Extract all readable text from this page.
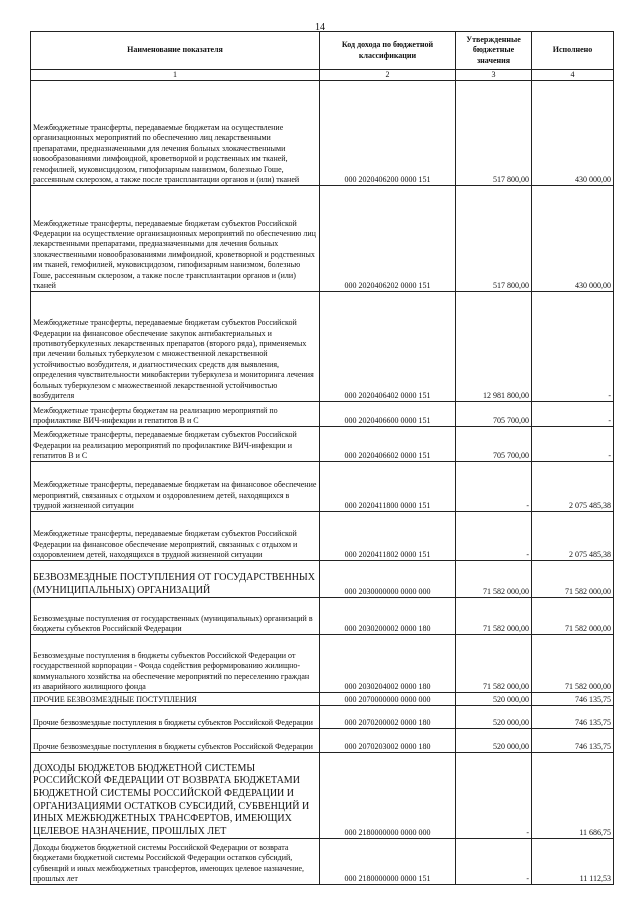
14
Наименование показателя	Код дохода по бюджетной классификации	Утвержденные бюджетные значения	Исполнено
1	2	3	4
Межбюджетные трансферты, передаваемые бюджетам на осуществление организационных мероприятий по обеспечению лиц лекарственными препаратами, предназначенными для лечения больных злокачественными новообразованиями лимфоидной, кроветворной и родственных им тканей, гемофилией, муковисцидозом, гипофизарным нанизмом, болезнью Гоше, рассеянным склерозом, а также после трансплантации органов и (или) тканей	000 2020406200 0000 151	517 800,00	430 000,00
Межбюджетные трансферты, передаваемые бюджетам субъектов Российской Федерации на осуществление организационных мероприятий по обеспечению лиц лекарственными препаратами, предназначенными для лечения больных злокачественными новообразованиями лимфоидной, кроветворной и родственных им тканей, гемофилией, муковисцидозом, гипофизарным нанизмом, болезнью Гоше, рассеянным склерозом, а также после трансплантации органов и (или) тканей	000 2020406202 0000 151	517 800,00	430 000,00
Межбюджетные трансферты, передаваемые бюджетам субъектов Российской Федерации на финансовое обеспечение закупок антибактериальных и противотуберкулезных лекарственных препаратов (второго ряда), применяемых при лечении больных туберкулезом с множественной лекарственной устойчивостью возбудителя, и диагностических средств для выявления, определения чувствительности микобактерии туберкулеза и мониторинга лечения больных туберкулезом с множественной лекарственной устойчивостью возбудителя	000 2020406402 0000 151	12 981 800,00	-
Межбюджетные трансферты бюджетам на реализацию мероприятий по профилактике ВИЧ-инфекции и гепатитов B и C	000 2020406600 0000 151	705 700,00	-
Межбюджетные трансферты, передаваемые бюджетам субъектов Российской Федерации на реализацию мероприятий по профилактике ВИЧ-инфекции и гепатитов B и C	000 2020406602 0000 151	705 700,00	-
Межбюджетные трансферты, передаваемые бюджетам на финансовое обеспечение мероприятий, связанных с отдыхом и оздоровлением детей, находящихся в трудной жизненной ситуации	000 2020411800 0000 151	-	2 075 485,38
Межбюджетные трансферты, передаваемые бюджетам субъектов Российской Федерации на финансовое обеспечение мероприятий, связанных с отдыхом и оздоровлением детей, находящихся в трудной жизненной ситуации	000 2020411802 0000 151	-	2 075 485,38
БЕЗВОЗМЕЗДНЫЕ ПОСТУПЛЕНИЯ ОТ ГОСУДАРСТВЕННЫХ (МУНИЦИПАЛЬНЫХ) ОРГАНИЗАЦИЙ	000 2030000000 0000 000	71 582 000,00	71 582 000,00
Безвозмездные поступления от государственных (муниципальных) организаций в бюджеты субъектов Российской Федерации	000 2030200002 0000 180	71 582 000,00	71 582 000,00
Безвозмездные поступления в бюджеты субъектов Российской Федерации от государственной корпорации - Фонда содействия реформированию жилищно-коммунального хозяйства на обеспечение мероприятий по переселению граждан из аварийного жилищного фонда	000 2030204002 0000 180	71 582 000,00	71 582 000,00
ПРОЧИЕ БЕЗВОЗМЕЗДНЫЕ ПОСТУПЛЕНИЯ	000 2070000000 0000 000	520 000,00	746 135,75
Прочие безвозмездные поступления в бюджеты субъектов Российской Федерации	000 2070200002 0000 180	520 000,00	746 135,75
Прочие безвозмездные поступления в бюджеты субъектов Российской Федерации	000 2070203002 0000 180	520 000,00	746 135,75
ДОХОДЫ БЮДЖЕТОВ БЮДЖЕТНОЙ СИСТЕМЫ РОССИЙСКОЙ ФЕДЕРАЦИИ ОТ ВОЗВРАТА БЮДЖЕТАМИ БЮДЖЕТНОЙ СИСТЕМЫ РОССИЙСКОЙ ФЕДЕРАЦИИ И ОРГАНИЗАЦИЯМИ ОСТАТКОВ СУБСИДИЙ, СУБВЕНЦИЙ И ИНЫХ МЕЖБЮДЖЕТНЫХ ТРАНСФЕРТОВ, ИМЕЮЩИХ ЦЕЛЕВОЕ НАЗНАЧЕНИЕ, ПРОШЛЫХ ЛЕТ	000 2180000000 0000 000	-	11 686,75
Доходы бюджетов бюджетной системы Российской Федерации от возврата бюджетами бюджетной системы Российской Федерации остатков субсидий, субвенций и иных межбюджетных трансфертов, имеющих целевое назначение, прошлых лет	000 2180000000 0000 151	-	11 112,53
